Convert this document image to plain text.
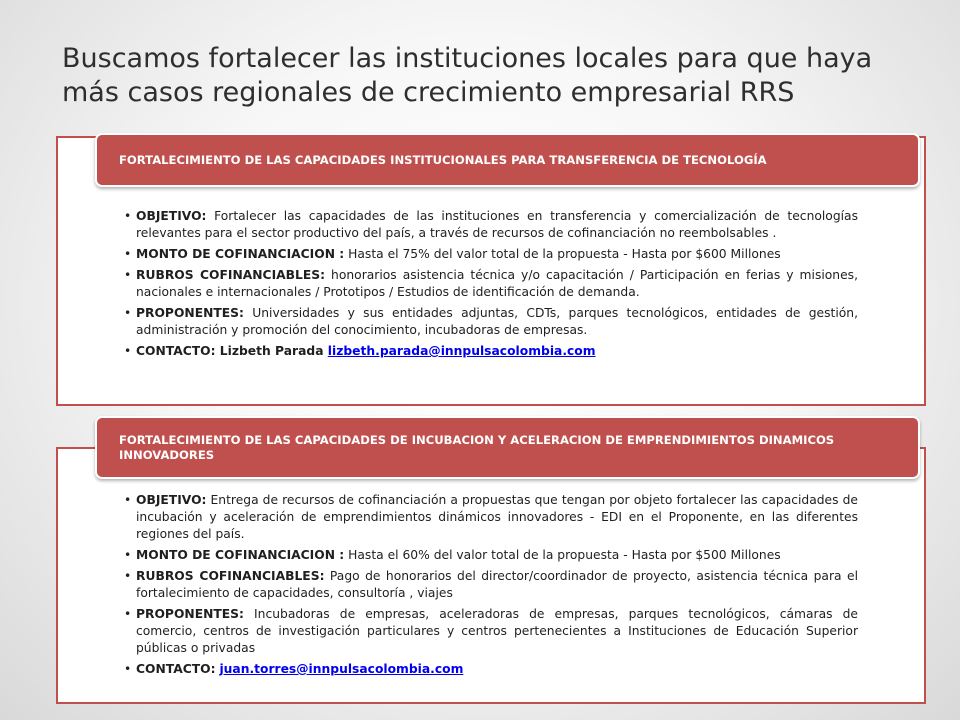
Buscamos fortalecer las instituciones locales para que haya más casos regionales de crecimiento empresarial RRS
FORTALECIMIENTO DE LAS CAPACIDADES INSTITUCIONALES PARA TRANSFERENCIA DE TECNOLOGÍA
• OBJETIVO: Fortalecer las capacidades de las instituciones en transferencia y comercialización de tecnologías relevantes para el sector productivo del país, a través de recursos de cofinanciación no reembolsables .
• MONTO DE COFINANCIACION : Hasta el 75% del valor total de la propuesta - Hasta por $600 Millones
• RUBROS COFINANCIABLES: honorarios asistencia técnica y/o capacitación / Participación en ferias y misiones, nacionales e internacionales / Prototipos / Estudios de identificación de demanda.
• PROPONENTES: Universidades y sus entidades adjuntas, CDTs, parques tecnológicos, entidades de gestión, administración y promoción del conocimiento, incubadoras de empresas.
• CONTACTO: Lizbeth Parada lizbeth.parada@innpulsacolombia.com
FORTALECIMIENTO DE LAS CAPACIDADES DE INCUBACION Y ACELERACION DE EMPRENDIMIENTOS DINAMICOS INNOVADORES
• OBJETIVO: Entrega de recursos de cofinanciación a propuestas que tengan por objeto fortalecer las capacidades de incubación y aceleración de emprendimientos dinámicos innovadores - EDI en el Proponente, en las diferentes regiones del país.
• MONTO DE COFINANCIACION : Hasta el 60% del valor total de la propuesta - Hasta por $500 Millones
• RUBROS COFINANCIABLES: Pago de honorarios del director/coordinador de proyecto, asistencia técnica para el fortalecimiento de capacidades, consultoría , viajes
• PROPONENTES: Incubadoras de empresas, aceleradoras de empresas, parques tecnológicos, cámaras de comercio, centros de investigación particulares y centros pertenecientes a Instituciones de Educación Superior públicas o privadas
• CONTACTO: juan.torres@innpulsacolombia.com
